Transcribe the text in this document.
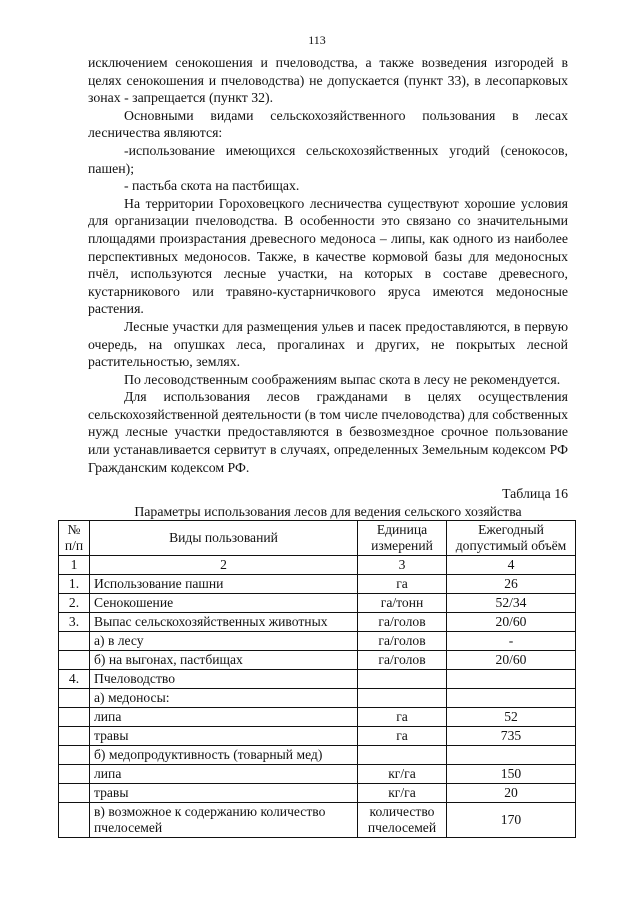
113

исключением сенокошения и пчеловодства, а также возведения изгородей в целях сенокошения и пчеловодства) не допускается (пункт 33), в лесопарковых зонах - запрещается (пункт 32).

Основными видами сельскохозяйственного пользования в лесах лесничества являются:

-использование имеющихся сельскохозяйственных угодий (сенокосов, пашен);

- пастьба скота на пастбищах.

На территории Гороховецкого лесничества существуют хорошие условия для организации пчеловодства. В особенности это связано со значительными площадями произрастания древесного медоноса – липы, как одного из наиболее перспективных медоносов. Также, в качестве кормовой базы для медоносных пчёл, используются лесные участки, на которых в составе древесного, кустарникового или травяно-кустарничкового яруса имеются медоносные растения.

Лесные участки для размещения ульев и пасек предоставляются, в первую очередь, на опушках леса, прогалинах и других, не покрытых лесной растительностью, землях.

По лесоводственным соображениям выпас скота в лесу не рекомендуется.

Для использования лесов гражданами в целях осуществления сельскохозяйственной деятельности (в том числе пчеловодства) для собственных нужд лесные участки предоставляются в безвозмездное срочное пользование или устанавливается сервитут в случаях, определенных Земельным кодексом РФ Гражданским кодексом РФ.

Таблица 16
Параметры использования лесов для ведения сельского хозяйства
№ п/п	Виды пользований	Единица измерений	Ежегодный допустимый объём
1	2	3	4
1.	Использование пашни	га	26
2.	Сенокошение	га/тонн	52/34
3.	Выпас сельскохозяйственных животных	га/голов	20/60
	а) в лесу	га/голов	-
	б) на выгонах, пастбищах	га/голов	20/60
4.	Пчеловодство		
	а) медоносы:		
	липа	га	52
	травы	га	735
	б) медопродуктивность (товарный мед)		
	липа	кг/га	150
	травы	кг/га	20
	в) возможное к содержанию количество пчелосемей	количество пчелосемей	170
